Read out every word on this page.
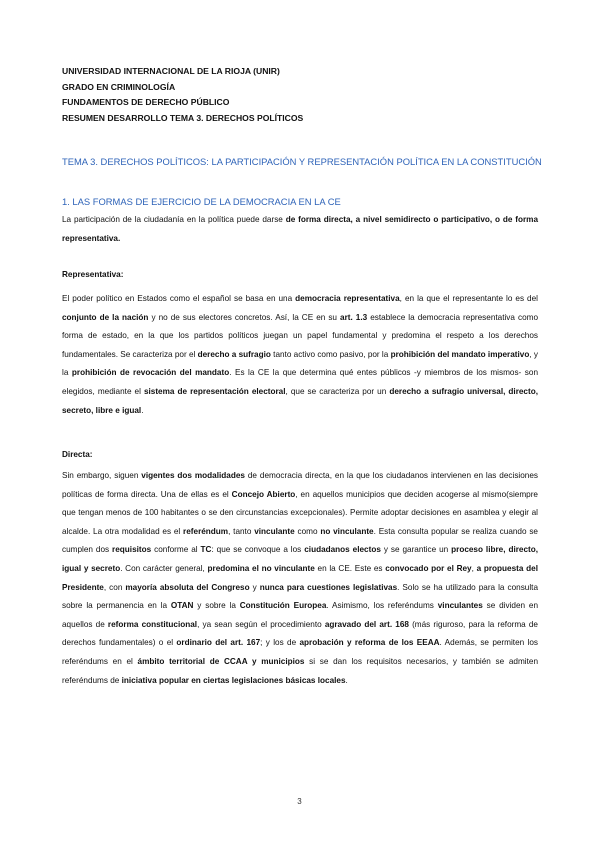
UNIVERSIDAD INTERNACIONAL DE LA RIOJA (UNIR)
GRADO EN CRIMINOLOGÍA
FUNDAMENTOS DE DERECHO PÚBLICO
RESUMEN DESARROLLO TEMA 3. DERECHOS POLÍTICOS
TEMA 3. DERECHOS POLÍTICOS: LA PARTICIPACIÓN Y REPRESENTACIÓN POLÍTICA EN LA CONSTITUCIÓN
1. LAS FORMAS DE EJERCICIO DE LA DEMOCRACIA EN LA CE
La participación de la ciudadanía en la política puede darse de forma directa, a nivel semidirecto o participativo, o de forma representativa.
Representativa:
El poder político en Estados como el español se basa en una democracia representativa, en la que el representante lo es del conjunto de la nación y no de sus electores concretos. Así, la CE en su art. 1.3 establece la democracia representativa como forma de estado, en la que los partidos políticos juegan un papel fundamental y predomina el respeto a los derechos fundamentales. Se caracteriza por el derecho a sufragio tanto activo como pasivo, por la prohibición del mandato imperativo, y la prohibición de revocación del mandato. Es la CE la que determina qué entes públicos -y miembros de los mismos- son elegidos, mediante el sistema de representación electoral, que se caracteriza por un derecho a sufragio universal, directo, secreto, libre e igual.
Directa:
Sin embargo, siguen vigentes dos modalidades de democracia directa, en la que los ciudadanos intervienen en las decisiones políticas de forma directa. Una de ellas es el Concejo Abierto, en aquellos municipios que deciden acogerse al mismo(siempre que tengan menos de 100 habitantes o se den circunstancias excepcionales). Permite adoptar decisiones en asamblea y elegir al alcalde. La otra modalidad es el referéndum, tanto vinculante como no vinculante. Esta consulta popular se realiza cuando se cumplen dos requisitos conforme al TC: que se convoque a los ciudadanos electos y se garantice un proceso libre, directo, igual y secreto. Con carácter general, predomina el no vinculante en la CE. Este es convocado por el Rey, a propuesta del Presidente, con mayoría absoluta del Congreso y nunca para cuestiones legislativas. Solo se ha utilizado para la consulta sobre la permanencia en la OTAN y sobre la Constitución Europea. Asimismo, los referéndums vinculantes se dividen en aquellos de reforma constitucional, ya sean según el procedimiento agravado del art. 168 (más riguroso, para la reforma de derechos fundamentales) o el ordinario del art. 167; y los de aprobación y reforma de los EEAA. Además, se permiten los referéndums en el ámbito territorial de CCAA y municipios si se dan los requisitos necesarios, y también se admiten referéndums de iniciativa popular en ciertas legislaciones básicas locales.
3
